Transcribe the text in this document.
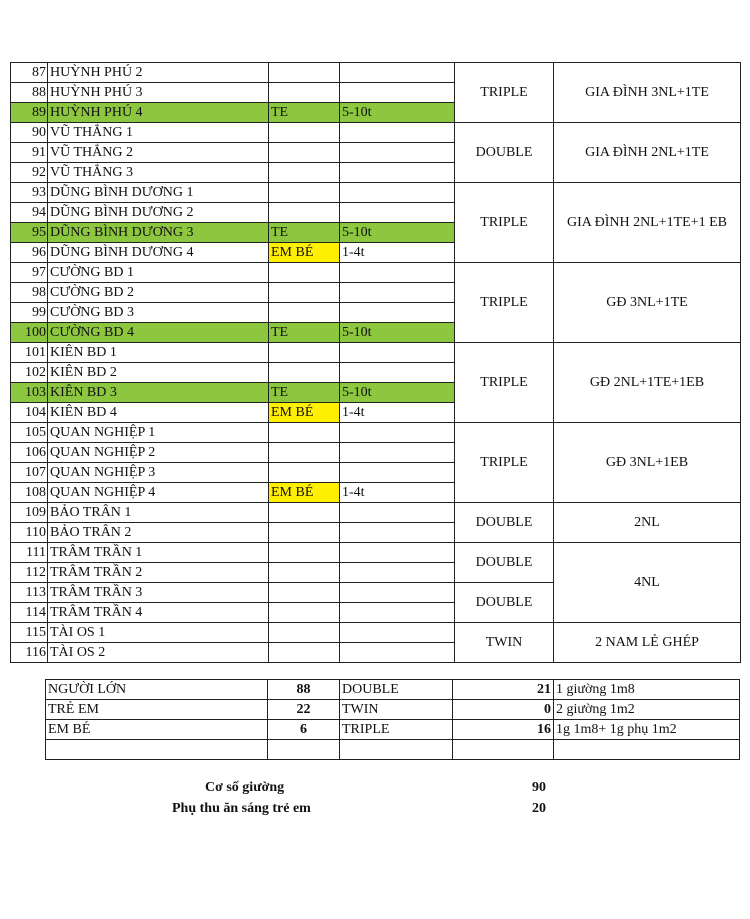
87	HUỲNH PHÚ 2			TRIPLE	GIA ĐÌNH 3NL+1TE
88	HUỲNH PHÚ 3				
89	HUỲNH PHÚ 4	TE	5-10t		
90	VŨ THẮNG 1			DOUBLE	GIA ĐÌNH 2NL+1TE
91	VŨ THẮNG 2				
92	VŨ THẮNG 3				
93	DŨNG BÌNH DƯƠNG 1			TRIPLE	GIA ĐÌNH 2NL+1TE+1 EB
94	DŨNG BÌNH DƯƠNG 2				
95	DŨNG BÌNH DƯƠNG 3	TE	5-10t		
96	DŨNG BÌNH DƯƠNG 4	EM BÉ	1-4t		
97	CƯỜNG BD 1			TRIPLE	GĐ 3NL+1TE
98	CƯỜNG BD 2				
99	CƯỜNG BD 3				
100	CƯỜNG BD 4	TE	5-10t		
101	KIÊN BD 1			TRIPLE	GĐ 2NL+1TE+1EB
102	KIÊN BD 2				
103	KIÊN BD 3	TE	5-10t		
104	KIÊN BD 4	EM BÉ	1-4t		
105	QUAN NGHIỆP 1			TRIPLE	GĐ 3NL+1EB
106	QUAN NGHIỆP 2				
107	QUAN NGHIỆP 3				
108	QUAN NGHIỆP 4	EM BÉ	1-4t		
109	BẢO TRÂN 1			DOUBLE	2NL
110	BẢO TRÂN 2				
111	TRÂM TRẦN 1			DOUBLE	4NL
112	TRÂM TRẦN 2				
113	TRÂM TRẦN 3			DOUBLE	
114	TRÂM TRẦN 4				
115	TÀI OS 1			TWIN	2 NAM LẺ GHÉP
116	TÀI OS 2				
NGƯỜI LỚN	88	DOUBLE	21	1 giường 1m8
TRẺ EM	22	TWIN	0	2 giường 1m2
EM BÉ	6	TRIPLE	16	1g 1m8+ 1g phụ 1m2

Cơ số giường	90
Phụ thu ăn sáng trẻ em	20
